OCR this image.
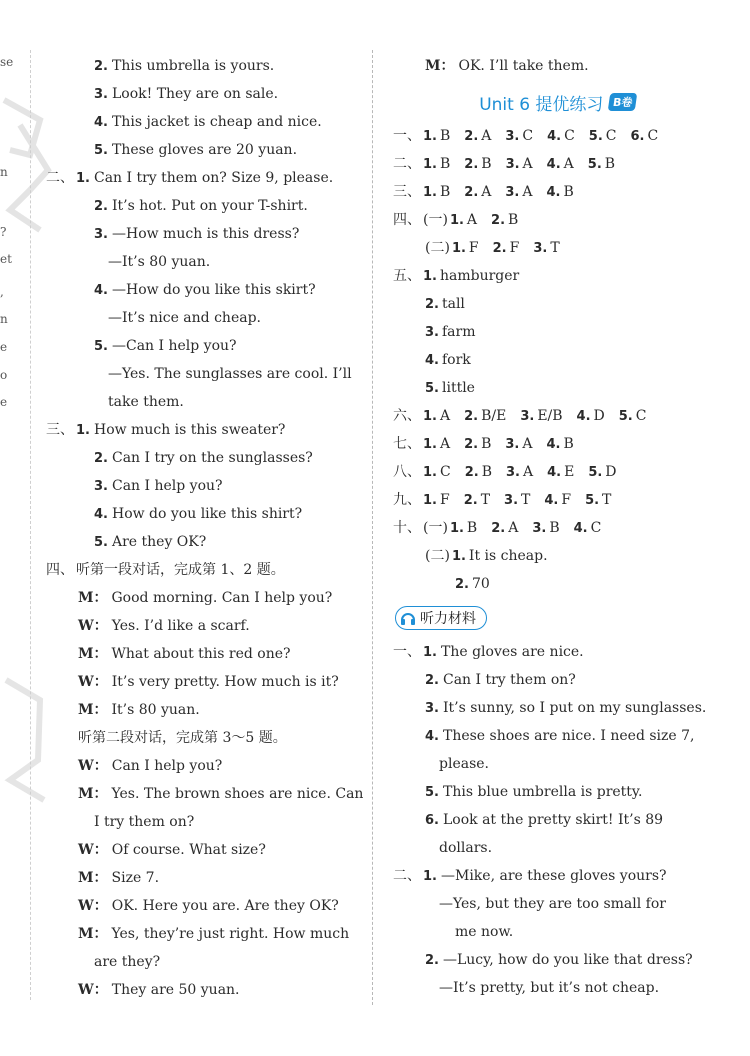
se
n
?
et
,
n
e
o
e
2. This umbrella is yours.
3. Look! They are on sale.
4. This jacket is cheap and nice.
5. These gloves are 20 yuan.
二、 1. Can I try them on? Size 9, please.
2. It’s hot. Put on your T-shirt.
3. —How much is this dress?
—It’s 80 yuan.
4. —How do you like this skirt?
—It’s nice and cheap.
5. —Can I help you?
—Yes. The sunglasses are cool. I’ll
take them.
三、 1. How much is this sweater?
2. Can I try on the sunglasses?
3. Can I help you?
4. How do you like this shirt?
5. Are they OK?
四、 听第一段对话，完成第 1、2 题。
M： Good morning. Can I help you?
W： Yes. I’d like a scarf.
M： What about this red one?
W： It’s very pretty. How much is it?
M： It’s 80 yuan.
听第二段对话，完成第 3～5 题。
W： Can I help you?
M： Yes. The brown shoes are nice. Can
I try them on?
W： Of course. What size?
M： Size 7.
W： OK. Here you are. Are they OK?
M： Yes, they’re just right. How much
are they?
W： They are 50 yuan.
M： OK. I’ll take them.
Unit 6 提优练习 B卷
一、 1. B 2. A 3. C 4. C 5. C 6. C
二、 1. B 2. B 3. A 4. A 5. B
三、 1. B 2. A 3. A 4. B
四、 (一) 1. A 2. B
(二) 1. F 2. F 3. T
五、 1. hamburger
2. tall
3. farm
4. fork
5. little
六、 1. A 2. B/E 3. E/B 4. D 5. C
七、 1. A 2. B 3. A 4. B
八、 1. C 2. B 3. A 4. E 5. D
九、 1. F 2. T 3. T 4. F 5. T
十、 (一) 1. B 2. A 3. B 4. C
(二) 1. It is cheap.
2. 70
听力材料
一、 1. The gloves are nice.
2. Can I try them on?
3. It’s sunny, so I put on my sunglasses.
4. These shoes are nice. I need size 7,
please.
5. This blue umbrella is pretty.
6. Look at the pretty skirt! It’s 89
dollars.
二、 1. —Mike, are these gloves yours?
—Yes, but they are too small for
me now.
2. —Lucy, how do you like that dress?
—It’s pretty, but it’s not cheap.
